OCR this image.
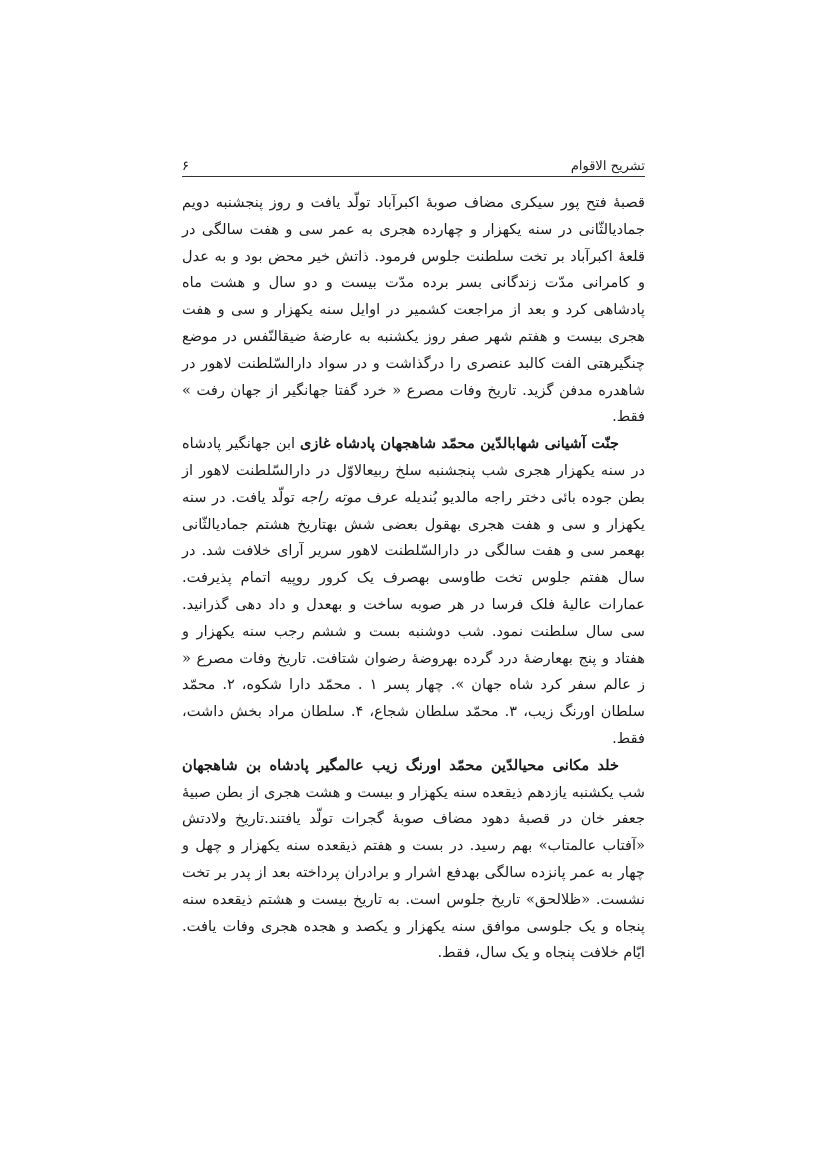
تشریح الاقوام
۶

قصبهٔ فتح پور سیکری مضاف صوبهٔ اکبرآباد تولّد یافت و روز پنجشنبه دویم جمادیالثّانی در سنه یکهزار و چهارده هجری به عمر سی و هفت سالگی در قلعهٔ اکبرآباد بر تخت سلطنت جلوس فرمود. ذاتش خیر محض بود و به عدل و کامرانی مدّت زندگانی بسر برده مدّت بیست و دو سال و هشت ماه پادشاهی کرد و بعد از مراجعت کشمیر در اوایل سنه یکهزار و سی و هفت هجری بیست و هفتم شهر صفر روز یکشنبه به عارضهٔ ضیقالنّفس در موضع چنگیرهتی الفت کالبد عنصری را درگذاشت و در سواد دارالسّلطنت لاهور در شاهدره مدفن گزید. تاریخ وفات مصرع « خرد گفتا جهانگیر از جهان رفت » فقط.

جنّت آشیانی شهابالدّین محمّد شاهجهان پادشاه غازی ابن جهانگیر پادشاه در سنه یکهزار هجری شب پنجشنبه سلخ ربیعالاوّل در دارالسّلطنت لاهور از بطن جوده بائی دختر راجه مالدیو بُندیله عرف موته راجه تولّد یافت. در سنه یکهزار و سی و هفت هجری بهقول بعضی شش بهتاریخ هشتم جمادیالثّانی بهعمر سی و هفت سالگی در دارالسّلطنت لاهور سریر آرای خلافت شد. در سال هفتم جلوس تخت طاوسی بهصرف یک کرور روپیه اتمام پذیرفت. عمارات عالیهٔ فلک فرسا در هر صوبه ساخت و بهعدل و داد دهی گذرانید. سی سال سلطنت نمود. شب دوشنبه بست و ششم رجب سنه یکهزار و هفتاد و پنج بهعارضهٔ درد گرده بهروضهٔ رضوان شتافت. تاریخ وفات مصرع « ز عالم سفر کرد شاه جهان ». چهار پسر ۱ . محمّد دارا شکوه، ۲. محمّد سلطان اورنگ زیب، ۳. محمّد سلطان شجاع، ۴. سلطان مراد بخش داشت، فقط.

خلد مکانی محیالدّین محمّد اورنگ زیب عالمگیر پادشاه بن شاهجهان شب یکشنبه یازدهم ذیقعده سنه یکهزار و بیست و هشت هجری از بطن صبیهٔ جعفر خان در قصبهٔ دهود مضاف صوبهٔ گجرات تولّد یافتند.تاریخ ولادتش «آفتاب عالمتاب» بهم رسید. در بست و هفتم ذیقعده سنه یکهزار و چهل و چهار به عمر پانزده سالگی بهدفع اشرار و برادران پرداخته بعد از پدر بر تخت نشست. «ظلالحق» تاریخ جلوس است. به تاریخ بیست و هشتم ذیقعده سنه پنجاه و یک جلوسی موافق سنه یکهزار و یکصد و هجده هجری وفات یافت. ایّام خلافت پنجاه و یک سال، فقط.
